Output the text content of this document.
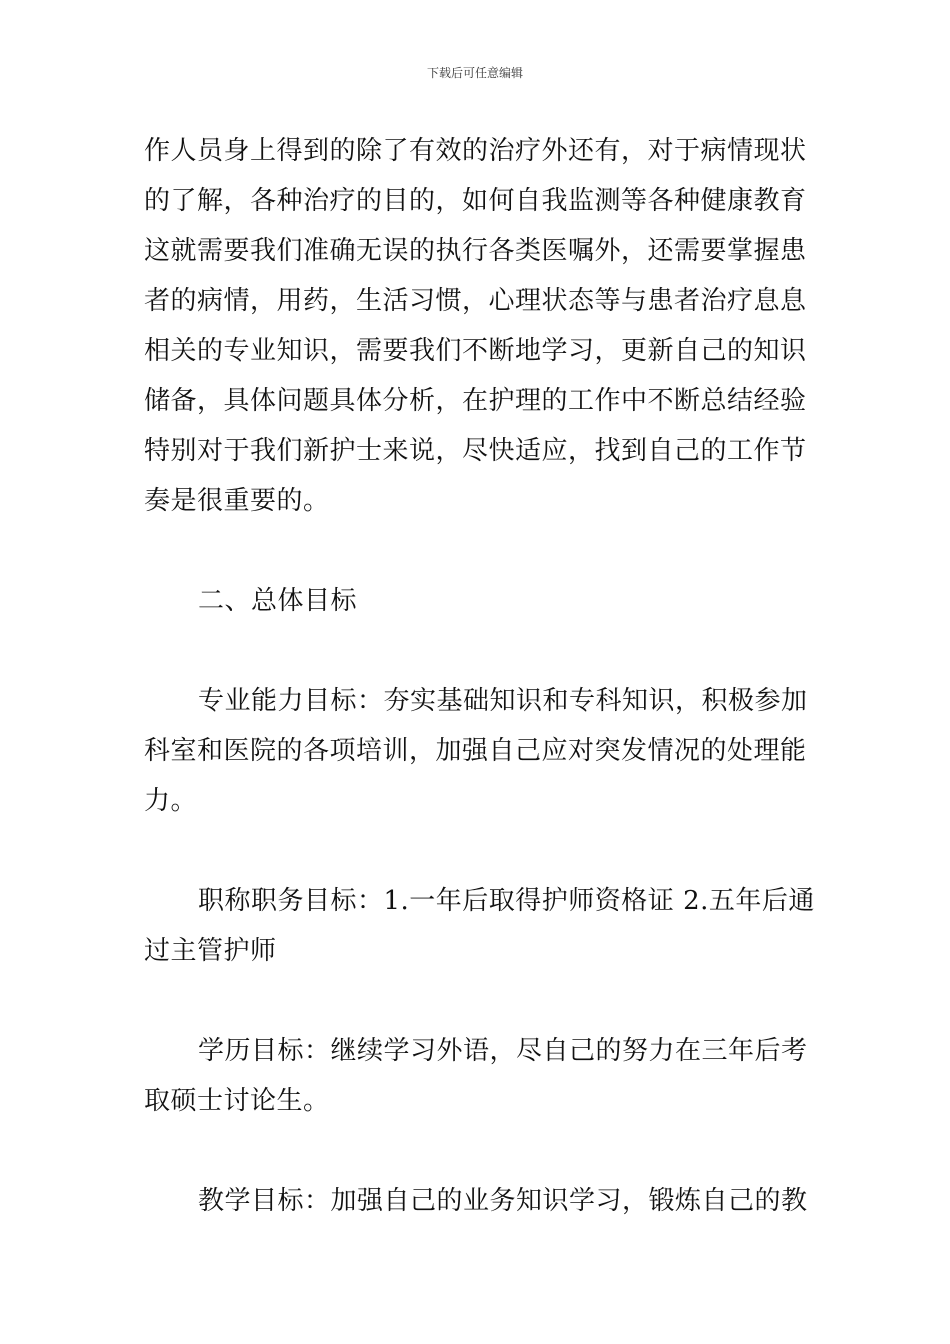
下载后可任意编辑
作人员身上得到的除了有效的治疗外还有，对于病情现状
的了解，各种治疗的目的，如何自我监测等各种健康教育
这就需要我们准确无误的执行各类医嘱外，还需要掌握患
者的病情，用药，生活习惯，心理状态等与患者治疗息息
相关的专业知识，需要我们不断地学习，更新自己的知识
储备，具体问题具体分析，在护理的工作中不断总结经验
特别对于我们新护士来说，尽快适应，找到自己的工作节
奏是很重要的。
二、总体目标
专业能力目标：夯实基础知识和专科知识，积极参加
科室和医院的各项培训，加强自己应对突发情况的处理能
力。
职称职务目标：1.一年后取得护师资格证 2.五年后通
过主管护师
学历目标：继续学习外语，尽自己的努力在三年后考
取硕士讨论生。
教学目标：加强自己的业务知识学习，锻炼自己的教
